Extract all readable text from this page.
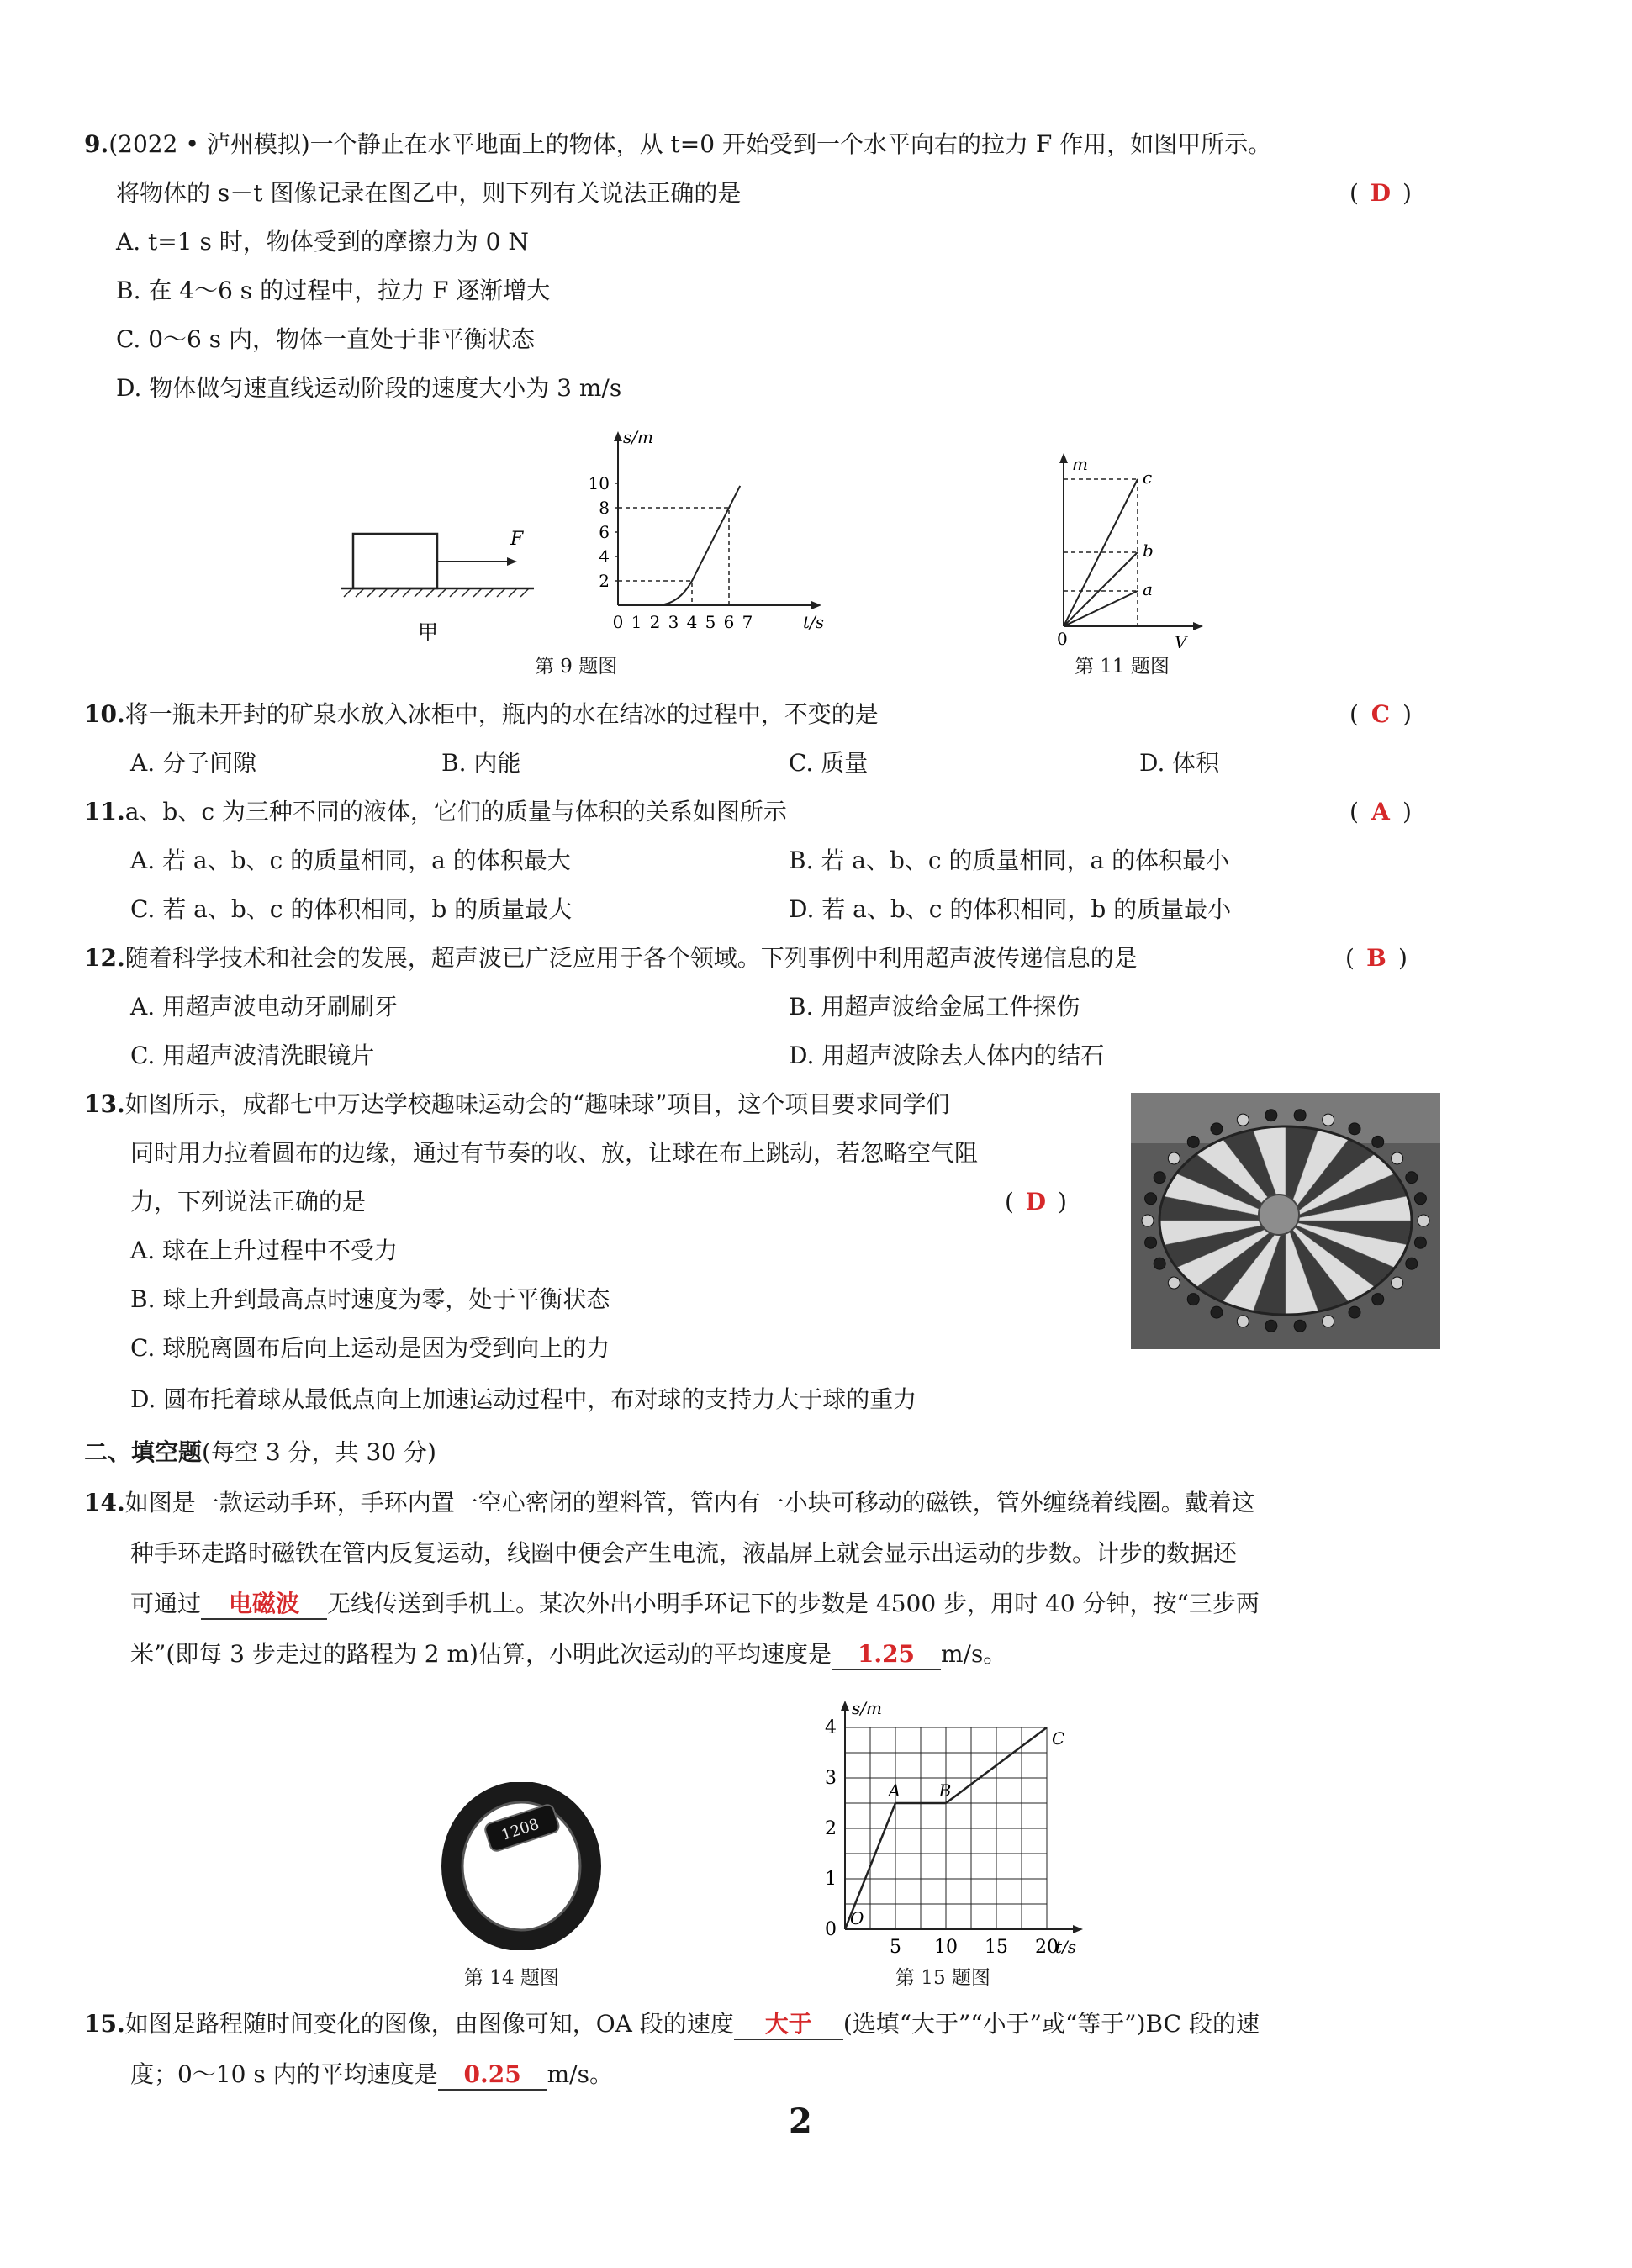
9.(2022 • 泸州模拟)一个静止在水平地面上的物体，从 t=0 开始受到一个水平向右的拉力 F 作用，如图甲所示。
将物体的 s－t 图像记录在图乙中，则下列有关说法正确的是	( D )
A. t=1 s 时，物体受到的摩擦力为 0 N
B. 在 4～6 s 的过程中，拉力 F 逐渐增大
C. 0～6 s 内，物体一直处于非平衡状态
D. 物体做匀速直线运动阶段的速度大小为 3 m/s
F
甲
s/m
t/s
10
8
6
4
2
0 1 2 3 4 5 6 7
第 9 题图
m
V
0
c
b
a
第 11 题图
10.将一瓶未开封的矿泉水放入冰柜中，瓶内的水在结冰的过程中，不变的是	( C )
A. 分子间隙	B. 内能	C. 质量	D. 体积
11.a、b、c 为三种不同的液体，它们的质量与体积的关系如图所示	( A )
A. 若 a、b、c 的质量相同，a 的体积最大	B. 若 a、b、c 的质量相同，a 的体积最小
C. 若 a、b、c 的体积相同，b 的质量最大	D. 若 a、b、c 的体积相同，b 的质量最小
12.随着科学技术和社会的发展，超声波已广泛应用于各个领域。下列事例中利用超声波传递信息的是	( B )
A. 用超声波电动牙刷刷牙	B. 用超声波给金属工件探伤
C. 用超声波清洗眼镜片	D. 用超声波除去人体内的结石
13.如图所示，成都七中万达学校趣味运动会的“趣味球”项目，这个项目要求同学们
同时用力拉着圆布的边缘，通过有节奏的收、放，让球在布上跳动，若忽略空气阻
力，下列说法正确的是	( D )
A. 球在上升过程中不受力
B. 球上升到最高点时速度为零，处于平衡状态
C. 球脱离圆布后向上运动是因为受到向上的力
D. 圆布托着球从最低点向上加速运动过程中，布对球的支持力大于球的重力
二、填空题(每空 3 分，共 30 分)
14.如图是一款运动手环，手环内置一空心密闭的塑料管，管内有一小块可移动的磁铁，管外缠绕着线圈。戴着这
种手环走路时磁铁在管内反复运动，线圈中便会产生电流，液晶屏上就会显示出运动的步数。计步的数据还
可通过 电磁波 无线传送到手机上。某次外出小明手环记下的步数是 4500 步，用时 40 分钟，按“三步两
米”(即每 3 步走过的路程为 2 m)估算，小明此次运动的平均速度是 1.25 m/s。
1208
第 14 题图
s/m
t/s
4
3
2
1
0
5 10 15 20
O
A B
C
第 15 题图
15.如图是路程随时间变化的图像，由图像可知，OA 段的速度 大于 (选填“大于”“小于”或“等于”)BC 段的速
度；0～10 s 内的平均速度是 0.25 m/s。
2
